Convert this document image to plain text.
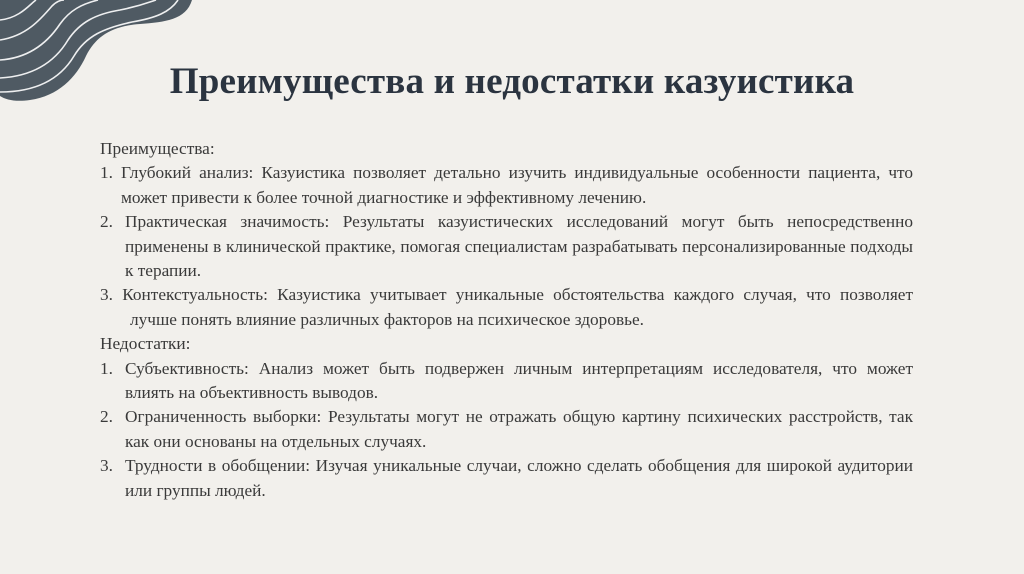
Преимущества и недостатки казуистика
Преимущества:
1. Глубокий анализ: Казуистика позволяет детально изучить индивидуальные особенности пациента, что может привести к более точной диагностике и эффективному лечению.
2. Практическая значимость: Результаты казуистических исследований могут быть непосредственно применены в клинической практике, помогая специалистам разрабатывать персонализированные подходы к терапии.
3. Контекстуальность: Казуистика учитывает уникальные обстоятельства каждого случая, что позволяет лучше понять влияние различных факторов на психическое здоровье.
Недостатки:
1. Субъективность: Анализ может быть подвержен личным интерпретациям исследователя, что может влиять на объективность выводов.
2. Ограниченность выборки: Результаты могут не отражать общую картину психических расстройств, так как они основаны на отдельных случаях.
3. Трудности в обобщении: Изучая уникальные случаи, сложно сделать обобщения для широкой аудитории или группы людей.
